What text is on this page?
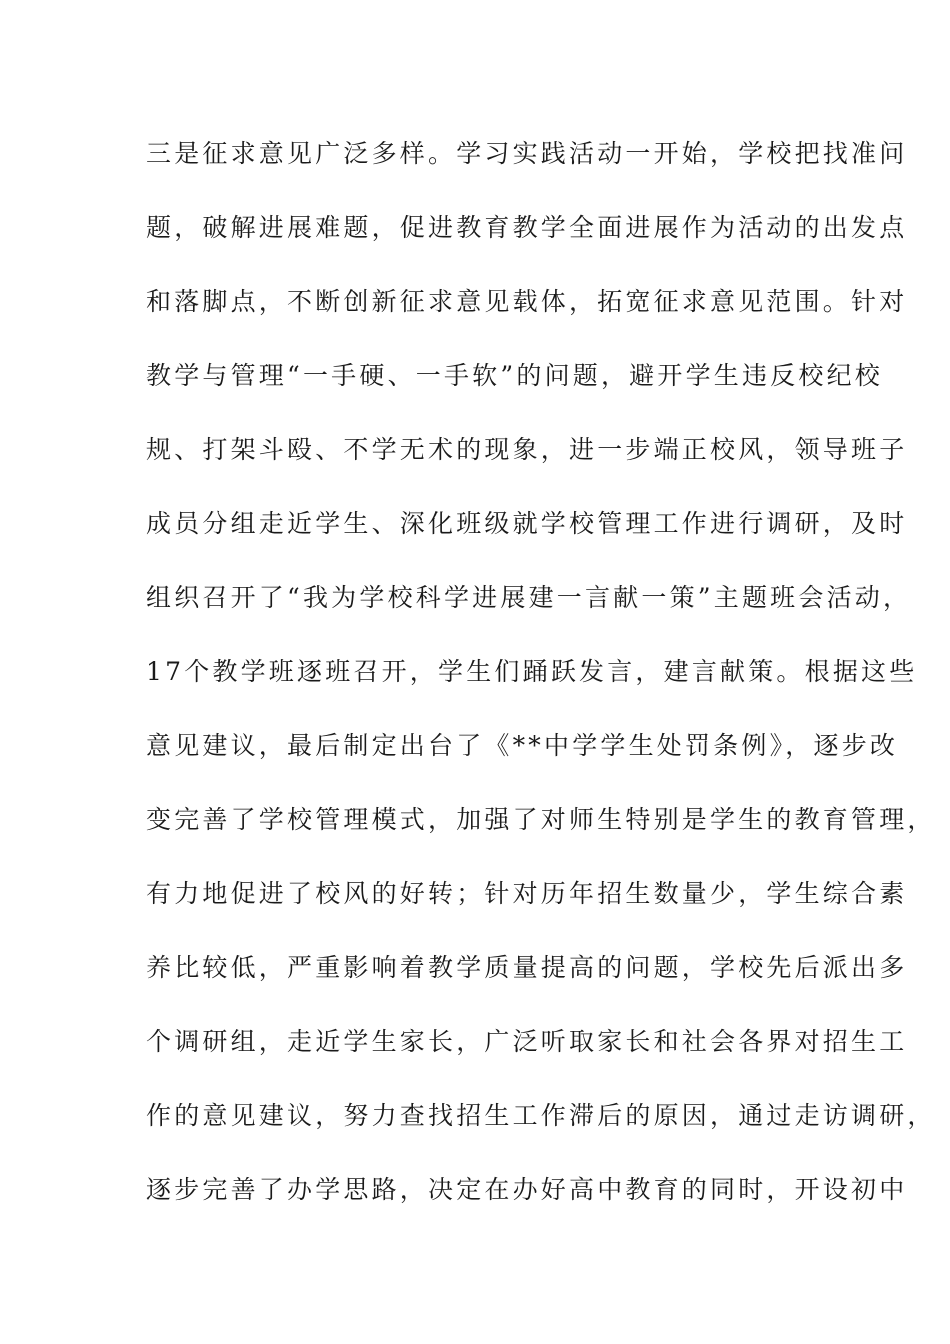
三是征求意见广泛多样。学习实践活动一开始，学校把找准问
题，破解进展难题，促进教育教学全面进展作为活动的出发点
和落脚点，不断创新征求意见载体，拓宽征求意见范围。针对
教学与管理“一手硬、一手软”的问题，避开学生违反校纪校
规、打架斗殴、不学无术的现象，进一步端正校风，领导班子
成员分组走近学生、深化班级就学校管理工作进行调研，及时
组织召开了“我为学校科学进展建一言献一策”主题班会活动，
17个教学班逐班召开，学生们踊跃发言，建言献策。根据这些
意见建议，最后制定出台了《**中学学生处罚条例》，逐步改
变完善了学校管理模式，加强了对师生特别是学生的教育管理，
有力地促进了校风的好转；针对历年招生数量少，学生综合素
养比较低，严重影响着教学质量提高的问题，学校先后派出多
个调研组，走近学生家长，广泛听取家长和社会各界对招生工
作的意见建议，努力查找招生工作滞后的原因，通过走访调研，
逐步完善了办学思路，决定在办好高中教育的同时，开设初中
